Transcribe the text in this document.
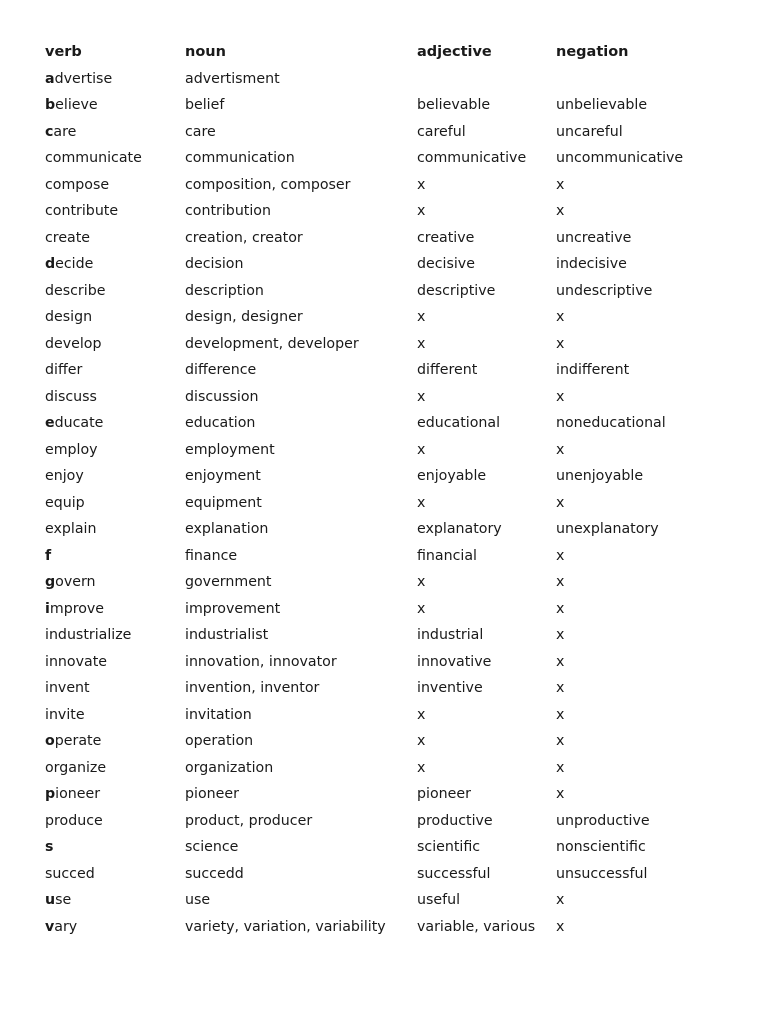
verb	noun	adjective	negation
advertise	advertisment		
believe	belief	believable	unbelievable
care	care	careful	uncareful
communicate	communication	communicative	uncommunicative
compose	composition, composer	x	x
contribute	contribution	x	x
create	creation, creator	creative	uncreative
decide	decision	decisive	indecisive
describe	description	descriptive	undescriptive
design	design, designer	x	x
develop	development, developer	x	x
differ	difference	different	indifferent
discuss	discussion	x	x
educate	education	educational	noneducational
employ	employment	x	x
enjoy	enjoyment	enjoyable	unenjoyable
equip	equipment	x	x
explain	explanation	explanatory	unexplanatory
f	finance	financial	x
govern	government	x	x
improve	improvement	x	x
industrialize	industrialist	industrial	x
innovate	innovation, innovator	innovative	x
invent	invention, inventor	inventive	x
invite	invitation	x	x
operate	operation	x	x
organize	organization	x	x
pioneer	pioneer	pioneer	x
produce	product, producer	productive	unproductive
s	science	scientific	nonscientific
succed	succedd	successful	unsuccessful
use	use	useful	x
vary	variety, variation, variability	variable, various	x
